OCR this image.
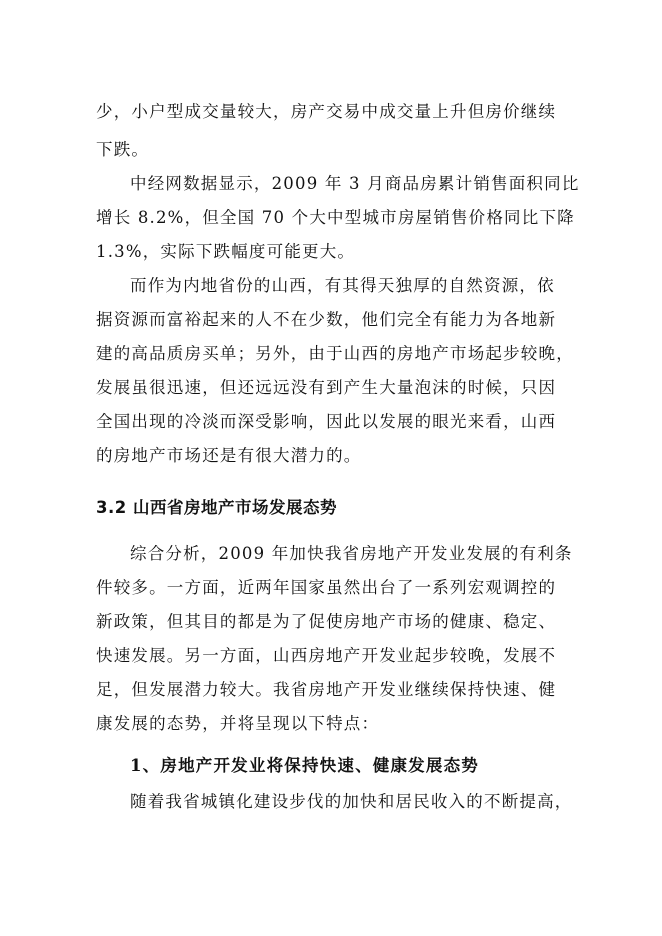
少，小户型成交量较大，房产交易中成交量上升但房价继续
下跌。
中经网数据显示，2009 年 3 月商品房累计销售面积同比
增长 8.2%，但全国 70 个大中型城市房屋销售价格同比下降
1.3%，实际下跌幅度可能更大。
而作为内地省份的山西，有其得天独厚的自然资源，依
据资源而富裕起来的人不在少数，他们完全有能力为各地新
建的高品质房买单；另外，由于山西的房地产市场起步较晚，
发展虽很迅速，但还远远没有到产生大量泡沫的时候，只因
全国出现的冷淡而深受影响，因此以发展的眼光来看，山西
的房地产市场还是有很大潜力的。
3.2 山西省房地产市场发展态势
综合分析，2009 年加快我省房地产开发业发展的有利条
件较多。一方面，近两年国家虽然出台了一系列宏观调控的
新政策，但其目的都是为了促使房地产市场的健康、稳定、
快速发展。另一方面，山西房地产开发业起步较晚，发展不
足，但发展潜力较大。我省房地产开发业继续保持快速、健
康发展的态势，并将呈现以下特点：
1、房地产开发业将保持快速、健康发展态势
随着我省城镇化建设步伐的加快和居民收入的不断提高，
